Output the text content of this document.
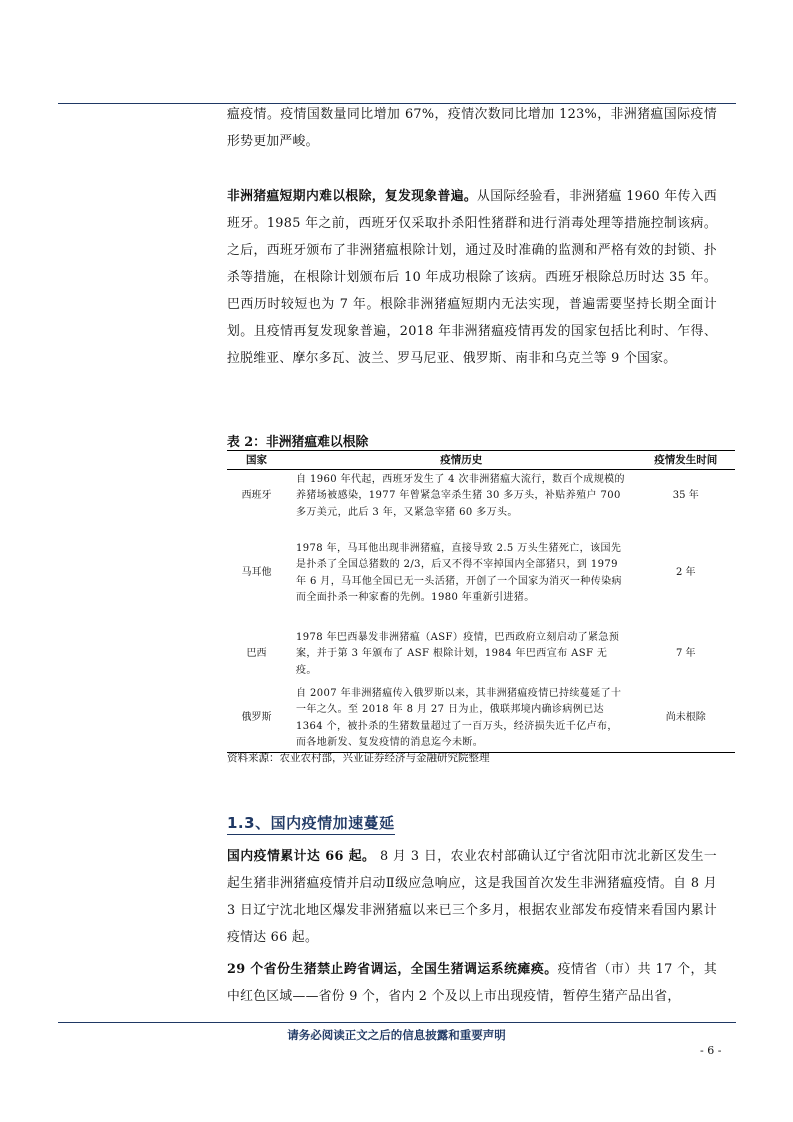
瘟疫情。疫情国数量同比增加 67%，疫情次数同比增加 123%，非洲猪瘟国际疫情形势更加严峻。

非洲猪瘟短期内难以根除，复发现象普遍。从国际经验看，非洲猪瘟 1960 年传入西班牙。1985 年之前，西班牙仅采取扑杀阳性猪群和进行消毒处理等措施控制该病。之后，西班牙颁布了非洲猪瘟根除计划，通过及时准确的监测和严格有效的封锁、扑杀等措施，在根除计划颁布后 10 年成功根除了该病。西班牙根除总历时达 35 年。巴西历时较短也为 7 年。根除非洲猪瘟短期内无法实现，普遍需要坚持长期全面计划。且疫情再复发现象普遍，2018 年非洲猪瘟疫情再发的国家包括比利时、乍得、拉脱维亚、摩尔多瓦、波兰、罗马尼亚、俄罗斯、南非和乌克兰等 9 个国家。

表 2：非洲猪瘟难以根除

国家	疫情历史	疫情发生时间
西班牙	自 1960 年代起，西班牙发生了 4 次非洲猪瘟大流行，数百个成规模的养猪场被感染，1977 年曾紧急宰杀生猪 30 多万头，补贴养殖户 700 多万美元，此后 3 年，又紧急宰猪 60 多万头。	35 年
马耳他	1978 年，马耳他出现非洲猪瘟，直接导致 2.5 万头生猪死亡，该国先是扑杀了全国总猪数的 2/3，后又不得不宰掉国内全部猪只，到 1979 年 6 月，马耳他全国已无一头活猪，开创了一个国家为消灭一种传染病而全面扑杀一种家畜的先例。1980 年重新引进猪。	2 年
巴西	1978 年巴西暴发非洲猪瘟（ASF）疫情，巴西政府立刻启动了紧急预案，并于第 3 年颁布了 ASF 根除计划，1984 年巴西宣布 ASF 无疫。	7 年
俄罗斯	自 2007 年非洲猪瘟传入俄罗斯以来，其非洲猪瘟疫情已持续蔓延了十一年之久。至 2018 年 8 月 27 日为止，俄联邦境内确诊病例已达 1364 个，被扑杀的生猪数量超过了一百万头，经济损失近千亿卢布，而各地新发、复发疫情的消息迄今未断。	尚未根除

资料来源：农业农村部，兴业证券经济与金融研究院整理

1.3、国内疫情加速蔓延

国内疫情累计达 66 起。 8 月 3 日，农业农村部确认辽宁省沈阳市沈北新区发生一起生猪非洲猪瘟疫情并启动Ⅱ级应急响应，这是我国首次发生非洲猪瘟疫情。自 8 月 3 日辽宁沈北地区爆发非洲猪瘟以来已三个多月，根据农业部发布疫情来看国内累计疫情达 66 起。

29 个省份生猪禁止跨省调运，全国生猪调运系统瘫痪。疫情省（市）共 17 个，其中红色区域——省份 9 个，省内 2 个及以上市出现疫情，暂停生猪产品出省，

请务必阅读正文之后的信息披露和重要声明

- 6 -
